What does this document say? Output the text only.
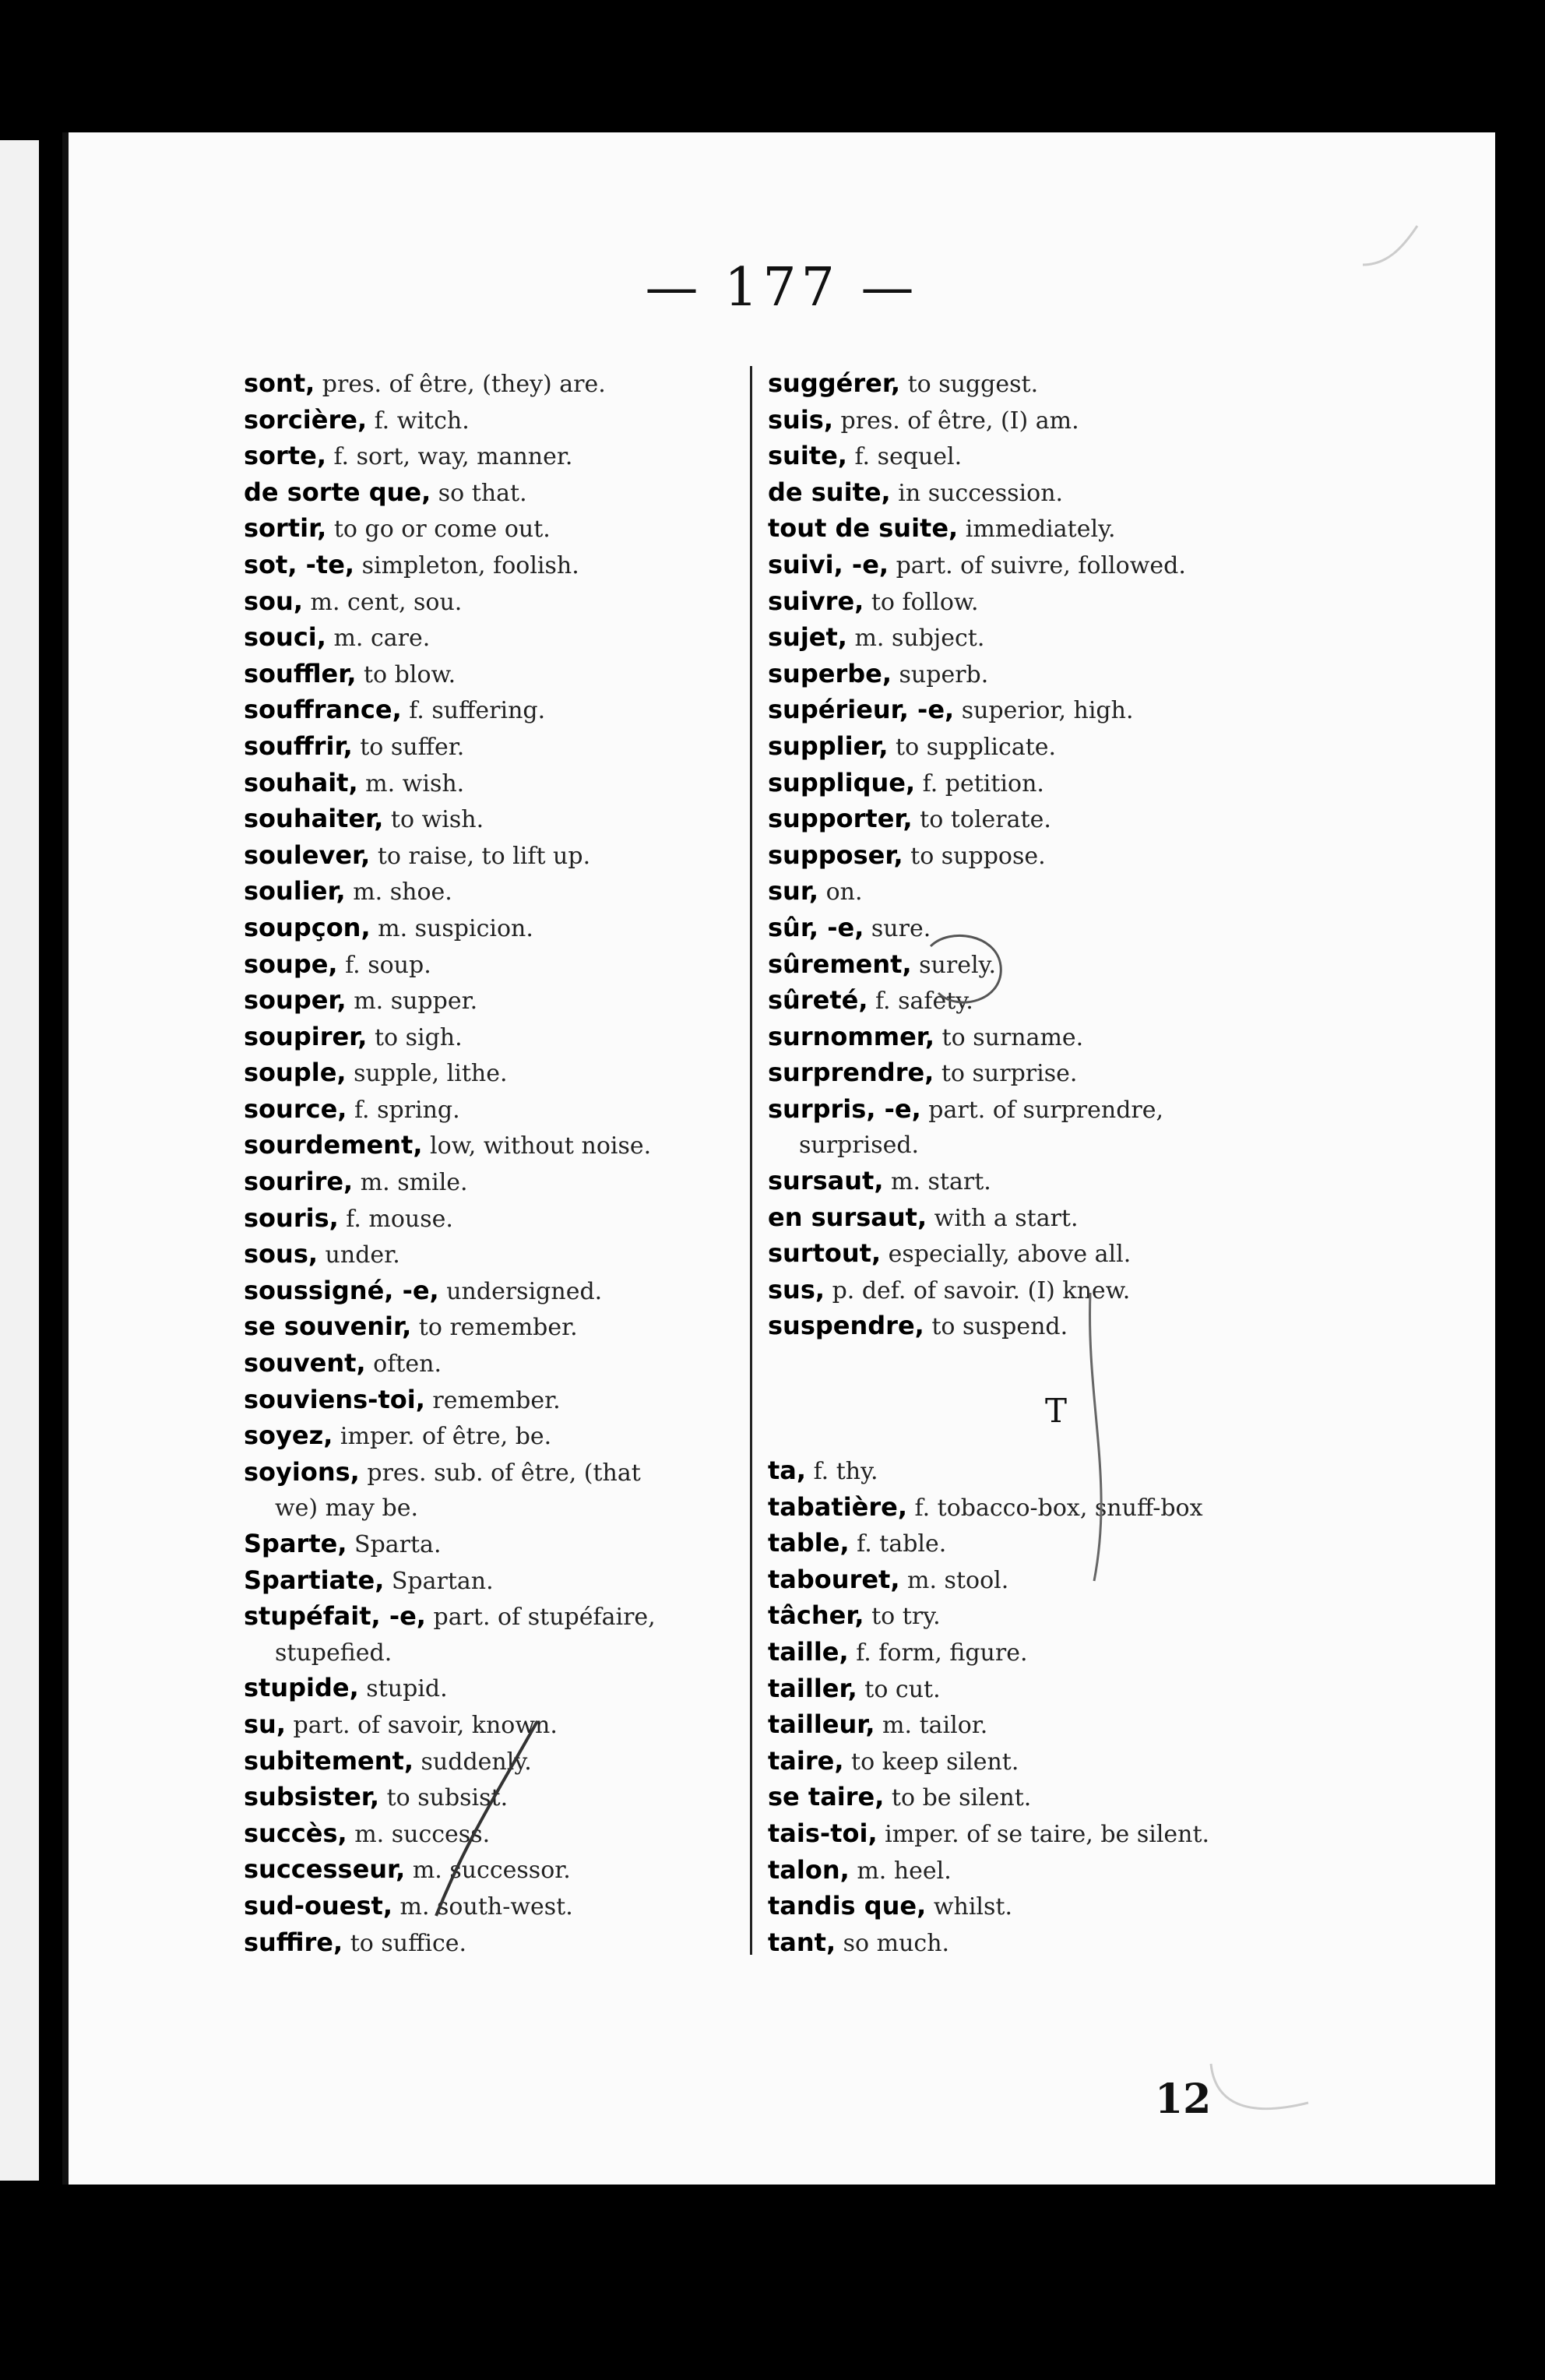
— 177 —
sont, pres. of être, (they) are.
sorcière, f. witch.
sorte, f. sort, way, manner.
de sorte que, so that.
sortir, to go or come out.
sot, -te, simpleton, foolish.
sou, m. cent, sou.
souci, m. care.
souffler, to blow.
souffrance, f. suffering.
souffrir, to suffer.
souhait, m. wish.
souhaiter, to wish.
soulever, to raise, to lift up.
soulier, m. shoe.
soupçon, m. suspicion.
soupe, f. soup.
souper, m. supper.
soupirer, to sigh.
souple, supple, lithe.
source, f. spring.
sourdement, low, without noise.
sourire, m. smile.
souris, f. mouse.
sous, under.
soussigné, -e, undersigned.
se souvenir, to remember.
souvent, often.
souviens-toi, remember.
soyez, imper. of être, be.
soyions, pres. sub. of être, (that
we) may be.
Sparte, Sparta.
Spartiate, Spartan.
stupéfait, -e, part. of stupéfaire,
stupefied.
stupide, stupid.
su, part. of savoir, known.
subitement, suddenly.
subsister, to subsist.
succès, m. success.
successeur, m. successor.
sud-ouest, m. south-west.
suffire, to suffice.
suggérer, to suggest.
suis, pres. of être, (I) am.
suite, f. sequel.
de suite, in succession.
tout de suite, immediately.
suivi, -e, part. of suivre, followed.
suivre, to follow.
sujet, m. subject.
superbe, superb.
supérieur, -e, superior, high.
supplier, to supplicate.
supplique, f. petition.
supporter, to tolerate.
supposer, to suppose.
sur, on.
sûr, -e, sure.
sûrement, surely.
sûreté, f. safety.
surnommer, to surname.
surprendre, to surprise.
surpris, -e, part. of surprendre,
surprised.
sursaut, m. start.
en sursaut, with a start.
surtout, especially, above all.
sus, p. def. of savoir. (I) knew.
suspendre, to suspend.
T
ta, f. thy.
tabatière, f. tobacco-box, snuff-box
table, f. table.
tabouret, m. stool.
tâcher, to try.
taille, f. form, figure.
tailler, to cut.
tailleur, m. tailor.
taire, to keep silent.
se taire, to be silent.
tais-toi, imper. of se taire, be silent.
talon, m. heel.
tandis que, whilst.
tant, so much.
12
